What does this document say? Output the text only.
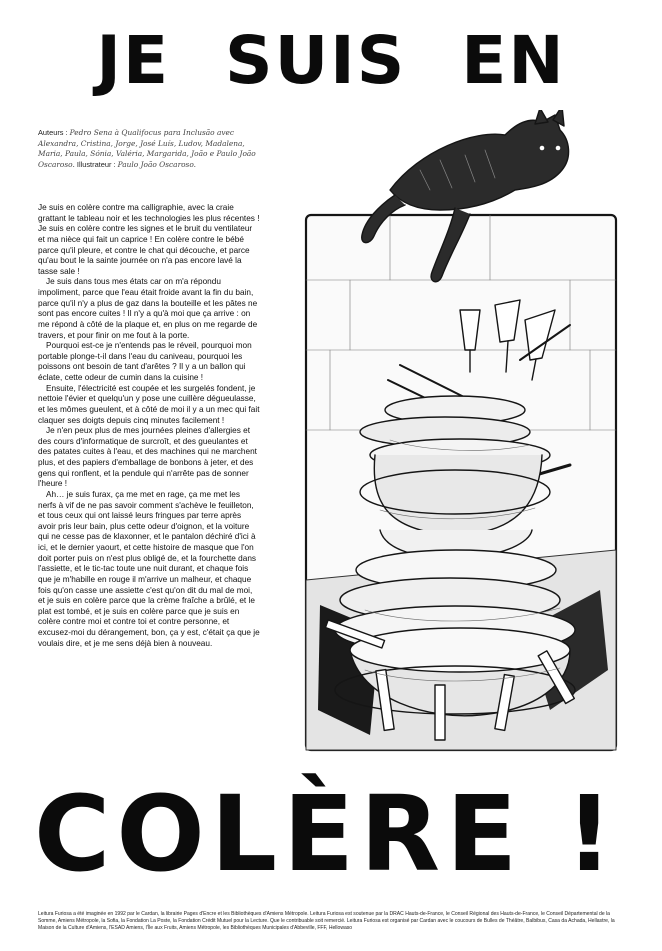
JE SUIS EN
Auteurs : Pedro Sena à Qualifocus para Inclusão avec Alexandra, Cristina, Jorge, José Luís, Ludov, Madalena, Maria, Paula, Sónia, Valéria, Margarida, João e Paulo João Oscaroso. Illustrateur : Paulo João Oscaroso.

Je suis en colère contre ma calligraphie, avec la craie grattant le tableau noir et les technologies les plus récentes ! Je suis en colère contre les signes et le bruit du ventilateur et ma nièce qui fait un caprice ! En colère contre le bébé parce qu'il pleure, et contre le chat qui découche, et parce qu'au bout le la sainte journée on n'a pas encore lavé la tasse sale !

Je suis dans tous mes états car on m'a répondu impoliment, parce que l'eau était froide avant la fin du bain, parce qu'il n'y a plus de gaz dans la bouteille et les pâtes ne sont pas encore cuites ! Il n'y a qu'à moi que ça arrive : on me répond à côté de la plaque et, en plus on me regarde de travers, et pour finir on me fout à la porte.

Pourquoi est-ce je n'entends pas le réveil, pourquoi mon portable plonge-t-il dans l'eau du caniveau, pourquoi les poissons ont besoin de tant d'arêtes ? Il y a un ballon qui éclate, cette odeur de cumin dans la cuisine !

Ensuite, l'électricité est coupée et les surgelés fondent, je nettoie l'évier et quelqu'un y pose une cuillère dégueulasse, et les mômes gueulent, et à côté de moi il y a un mec qui fait claquer ses doigts depuis cinq minutes facilement !

Je n'en peux plus de mes journées pleines d'allergies et des cours d'informatique de surcroît, et des gueulantes et des patates cuites à l'eau, et des machines qui ne marchent plus, et des papiers d'emballage de bonbons à jeter, et des gens qui ronflent, et la pendule qui n'arrête pas de sonner l'heure !

Ah… je suis furax, ça me met en rage, ça me met les nerfs à vif de ne pas savoir comment s'achève le feuilleton, et tous ceux qui ont laissé leurs fringues par terre après avoir pris leur bain, plus cette odeur d'oignon, et la voiture qui ne cesse pas de klaxonner, et le pantalon déchiré d'ici à ici, et le dernier yaourt, et cette histoire de masque que l'on doit porter puis on n'est plus obligé de, et la fourchette dans l'assiette, et le tic-tac toute une nuit durant, et chaque fois que je m'habille en rouge il m'arrive un malheur, et chaque fois qu'on casse une assiette c'est qu'on dit du mal de moi, et je suis en colère parce que la crème fraîche a brûlé, et le plat est tombé, et je suis en colère parce que je suis en colère contre moi et contre toi et contre personne, et excusez-moi du dérangement, bon, ça y est, c'était ça que je voulais dire, et je me sens déjà bien à nouveau.

COLÈRE !
Leitura Furiosa a été imaginée en 1992 par le Cardan, la librairie Pages d'Encre et les Bibliothèques d'Amiens Métropole. Leitura Furiosa est soutenue par la DRAC Hauts-de-France, le Conseil Régional des Hauts-de-France, le Conseil Départemental de la Somme, Amiens Métropole, la Sofia, la Fondation La Poste, la Fondation Crédit Mutuel pour la Lecture. Que le contribuable soit remercié. Leitura Furiosa est organisé par Cardan avec le coucours de Bulles de Théâtre, Balbibus, Casa da Achada, Hellastre, la Maison de la Culture d'Amiens, l'ESAD Amiens, l'Île aux Fruits, Amiens Métropole, les Bibliothèques Municipales d'Abbeville, FFF, Hellowaso
